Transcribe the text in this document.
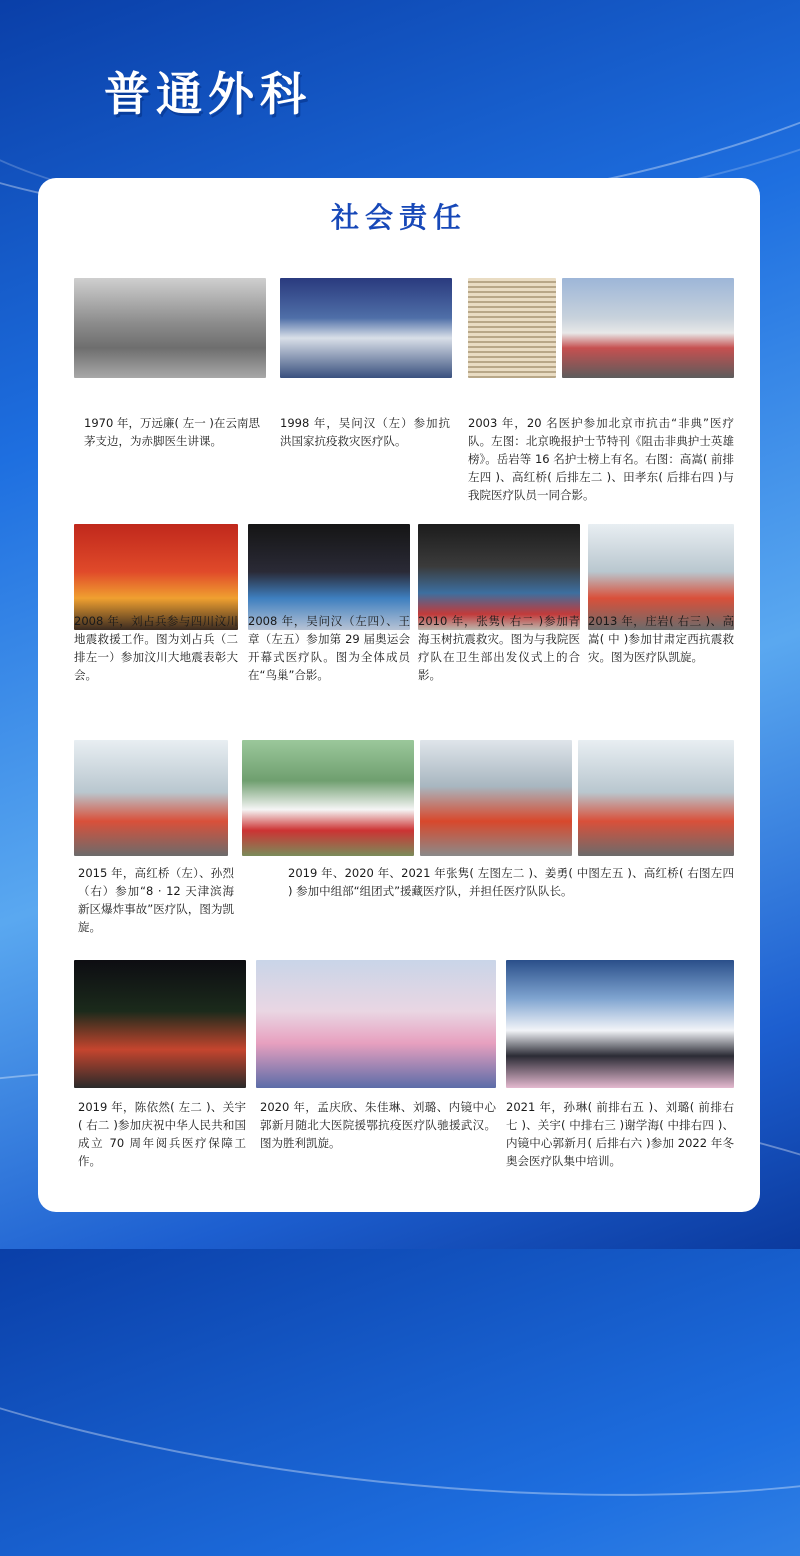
普通外科
社会责任

1970 年，万远廉( 左一 )在云南思茅支边，为赤脚医生讲课。

1998 年，吴问汉（左）参加抗洪国家抗疫救灾医疗队。

2003 年，20 名医护参加北京市抗击“非典”医疗队。左图：北京晚报护士节特刊《阻击非典护士英雄榜》。岳岩等 16 名护士榜上有名。右图：高嵩( 前排左四 )、高红桥( 后排左二 )、田孝东( 后排右四 )与我院医疗队员一同合影。

2008 年，刘占兵参与四川汶川地震救援工作。图为刘占兵（二排左一）参加汶川大地震表彰大会。

2008 年，吴问汉（左四）、王章（左五）参加第 29 届奥运会开幕式医疗队。图为全体成员在“鸟巢”合影。

2010 年，张隽( 右二 )参加青海玉树抗震救灾。图为与我院医疗队在卫生部出发仪式上的合影。

2013 年，庄岩( 右三 )、高嵩( 中 )参加甘肃定西抗震救灾。图为医疗队凯旋。

2015 年，高红桥（左）、孙烈（右）参加“8 · 12 天津滨海新区爆炸事故”医疗队，图为凯旋。

2019 年、2020 年、2021 年张隽( 左图左二 )、姜勇( 中图左五 )、高红桥( 右图左四 ) 参加中组部“组团式”援藏医疗队，并担任医疗队队长。

2019 年，陈依然( 左二 )、关宇( 右二 )参加庆祝中华人民共和国成立 70 周年阅兵医疗保障工作。

2020 年，孟庆欣、朱佳琳、刘璐、内镜中心郭新月随北大医院援鄂抗疫医疗队驰援武汉。图为胜利凯旋。

2021 年，孙琳( 前排右五 )、刘璐( 前排右七 )、关宇( 中排右三 )谢学海( 中排右四 )、内镜中心郭新月( 后排右六 )参加 2022 年冬奥会医疗队集中培训。
